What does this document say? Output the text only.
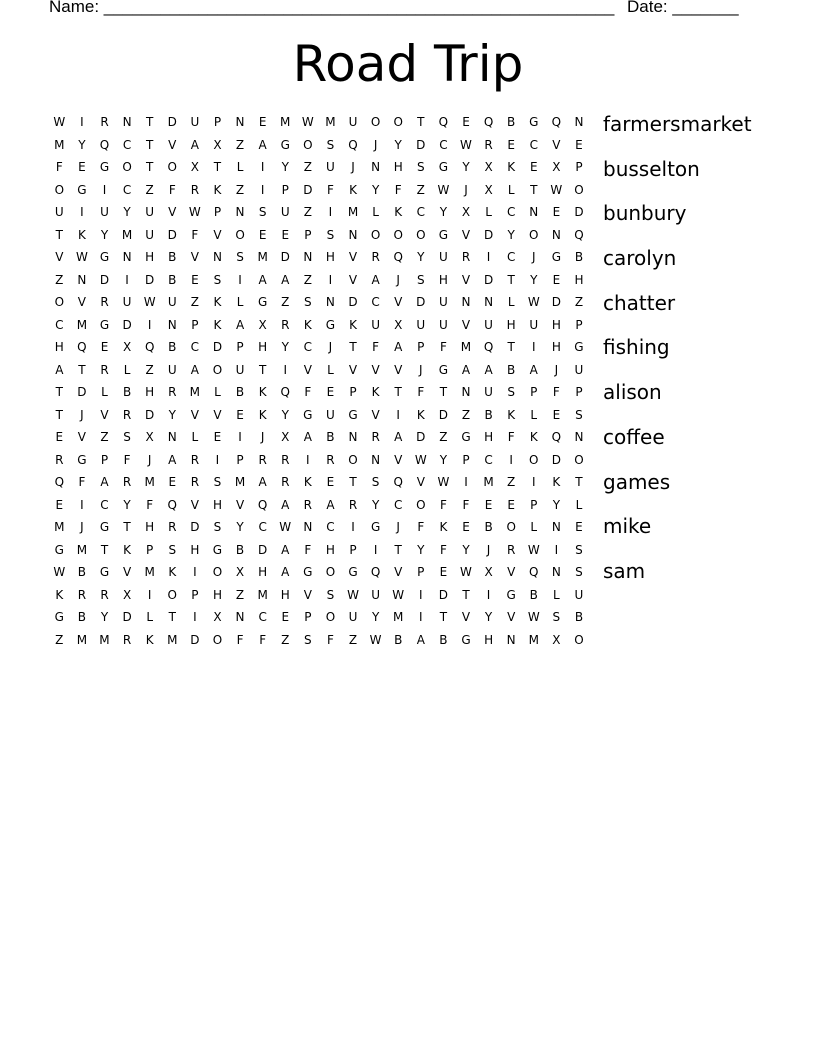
Name: ______________________________________________________ Date: _______
Road Trip
W	I	R	N	T	D	U	P	N	E	M W M	U	O	O	T	Q	E	Q	B	G	Q	N
M	Y	Q	C	T	V	A	X	Z	A	G	O	S	Q	J	Y	D	C	W	R	E	C	V	E
F	E	G	O	T	O	X	T	L	I	Y	Z	U	J	N	H	S	G	Y	X	K	E	X	P
O	G	I	C	Z	F	R	K	Z	I	P	D	F	K	Y	F	Z	W	J	X	L	T	W O
U	I	U	Y	U	V	W	P	N	S	U	Z	I	M	L	K	C	Y	X	L	C	N	E	D
T	K	Y	M	U	D	F	V	O	E	E	P	S	N	O	O	O	G	V	D	Y	O	N	Q
V	W	G	N	H	B	V	N	S	M	D	N	H	V	R	Q	Y	U	R	I	C	J	G	B
Z	N	D	I	D	B	E	S	I	A	A	Z	I	V	A	J	S	H	V	D	T	Y	E	H
O	V	R	U	W	U	Z	K	L	G	Z	S	N	D	C	V	D	U	N	N	L	W	D	Z
C	M	G	D	I	N	P	K	A	X	R	K	G	K	U	X	U	U	V	U	H	U	H	P
H	Q	E	X	Q	B	C	D	P	H	Y	C	J	T	F	A	P	F	M	Q	T	I	H	G
A	T	R	L	Z	U	A	O	U	T	I	V	L	V	V	V	J	G	A	A	B	A	J	U
T	D	L	B	H	R	M	L	B	K	Q	F	E	P	K	T	F	T	N	U	S	P	F	P
T	J	V	R	D	Y	V	V	E	K	Y	G	U	G	V	I	K	D	Z	B	K	L	E	S
E	V	Z	S	X	N	L	E	I	J	X	A	B	N	R	A	D	Z	G	H	F	K	Q	N
R	G	P	F	J	A	R	I	P	R	R	I	R	O	N	V	W	Y	P	C	I	O	D	O
Q	F	A	R	M	E	R	S	M	A	R	K	E	T	S	Q	V	W	I	M	Z	I	K	T
E	I	C	Y	F	Q	V	H	V	Q	A	R	A	R	Y	C	O	F	F	E	E	P	Y	L
M	J	G	T	H	R	D	S	Y	C	W	N	C	I	G	J	F	K	E	B	O	L	N	E
G	M	T	K	P	S	H	G	B	D	A	F	H	P	I	T	Y	F	Y	J	R	W	I	S
W	B	G	V	M	K	I	O	X	H	A	G	O	G	Q	V	P	E	W	X	V	Q	N	S
K	R	R	X	I	O	P	H	Z	M	H	V	S	W	U	W	I	D	T	I	G	B	L	U
G	B	Y	D	L	T	I	X	N	C	E	P	O	U	Y	M	I	T	V	Y	V	W	S	B
Z	M	M	R	K	M	D	O	F	F	Z	S	F	Z	W	B	A	B	G	H	N	M	X	O
farmersmarket
busselton
bunbury
carolyn
chatter
fishing
alison
coffee
games
mike
sam
